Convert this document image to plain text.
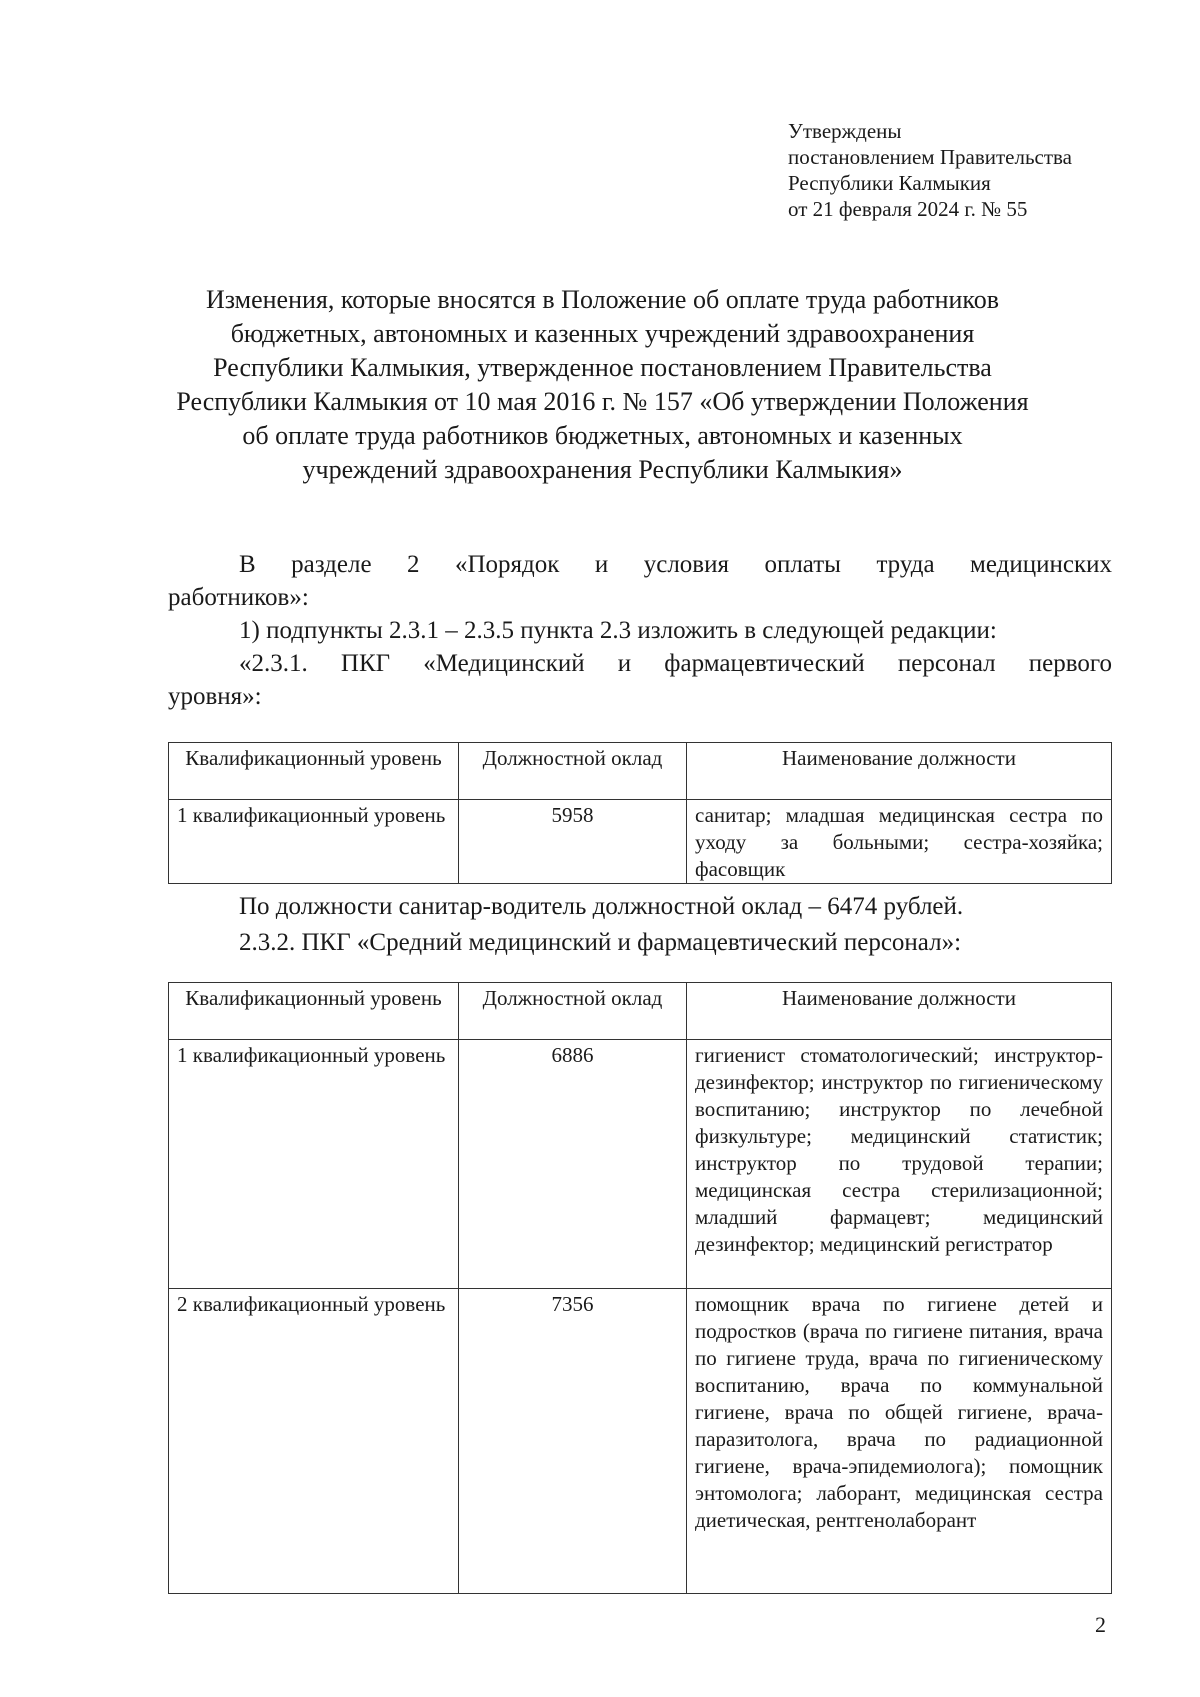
Утверждены
постановлением Правительства
Республики Калмыкия
от 21 февраля 2024 г. № 55
Изменения, которые вносятся в Положение об оплате труда работников
бюджетных, автономных и казенных учреждений здравоохранения
Республики Калмыкия, утвержденное постановлением Правительства
Республики Калмыкия от 10 мая 2016 г. № 157 «Об утверждении Положения
об оплате труда работников бюджетных, автономных и казенных
учреждений здравоохранения Республики Калмыкия»
В разделе 2 «Порядок и условия оплаты труда медицинских
работников»:
1) подпункты 2.3.1 – 2.3.5 пункта 2.3 изложить в следующей редакции:
«2.3.1. ПКГ «Медицинский и фармацевтический персонал первого
уровня»:
Квалификационный уровень	Должностной оклад	Наименование должности
1 квалификационный уровень	5958	санитар; младшая медицинская сестра по уходу за больными; сестра-хозяйка; фасовщик
По должности санитар-водитель должностной оклад – 6474 рублей.
2.3.2. ПКГ «Средний медицинский и фармацевтический персонал»:
Квалификационный уровень	Должностной оклад	Наименование должности
1 квалификационный уровень	6886	гигиенист стоматологический; инструктор-дезинфектор; инструктор по гигиеническому воспитанию; инструктор по лечебной физкультуре; медицинский статистик; инструктор по трудовой терапии; медицинская сестра стерилизационной; младший фармацевт; медицинский дезинфектор; медицинский регистратор
2 квалификационный уровень	7356	помощник врача по гигиене детей и подростков (врача по гигиене питания, врача по гигиене труда, врача по гигиеническому воспитанию, врача по коммунальной гигиене, врача по общей гигиене, врача-паразитолога, врача по радиационной гигиене, врача-эпидемиолога); помощник энтомолога; лаборант, медицинская сестра диетическая, рентгенолаборант
2
